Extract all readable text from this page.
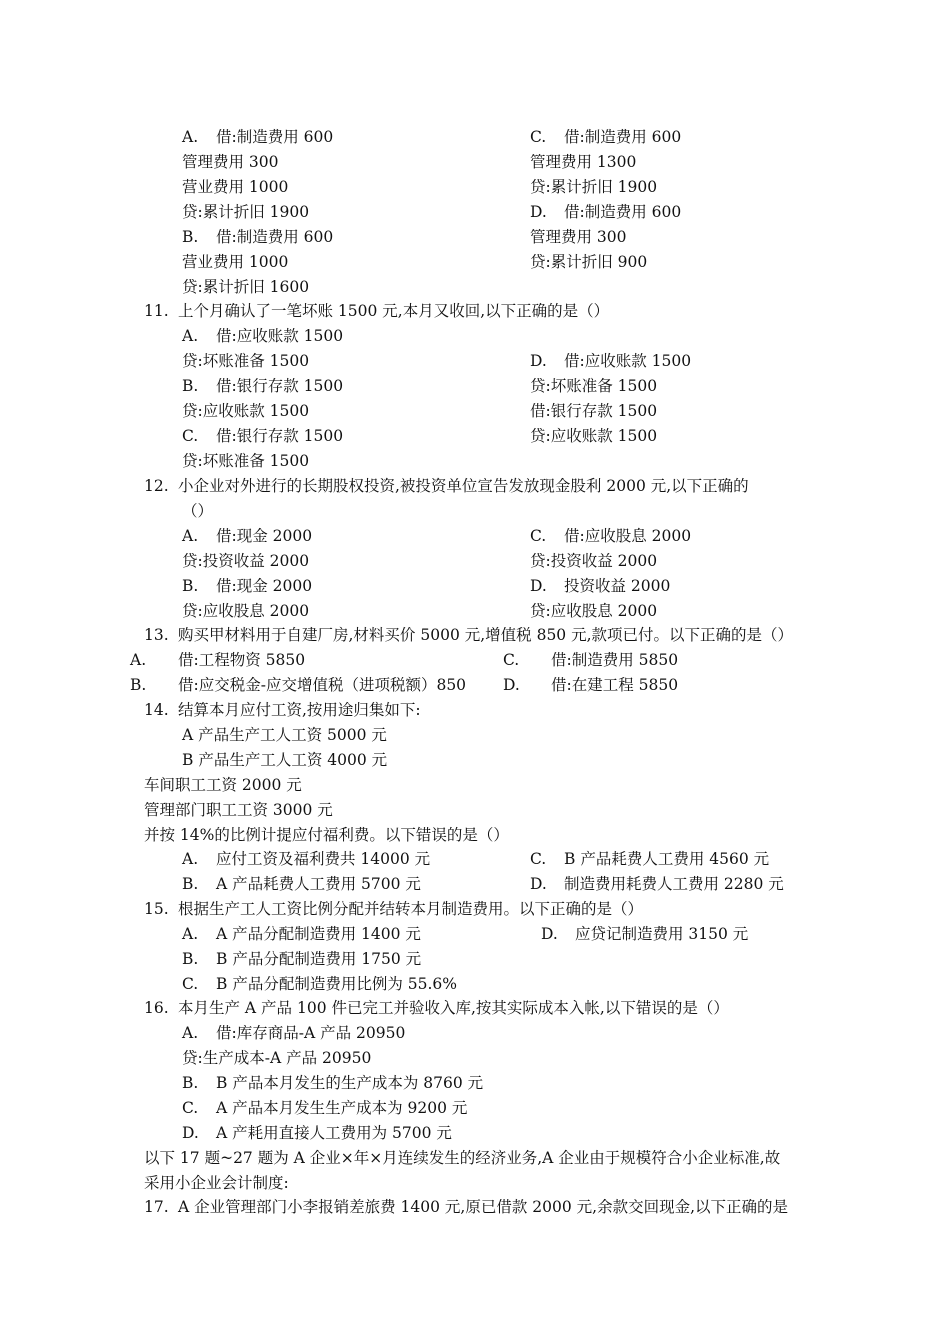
A. 借:制造费用 600
管理费用 300
营业费用 1000
贷:累计折旧 1900
B. 借:制造费用 600
营业费用 1000
贷:累计折旧 1600
C. 借:制造费用 600
管理费用 1300
贷:累计折旧 1900
D. 借:制造费用 600
管理费用 300
贷:累计折旧 900
11. 上个月确认了一笔坏账 1500 元,本月又收回,以下正确的是（）
A. 借:应收账款 1500
贷:坏账准备 1500
B. 借:银行存款 1500
贷:应收账款 1500
C. 借:银行存款 1500
贷:坏账准备 1500
D. 借:应收账款 1500
贷:坏账准备 1500
借:银行存款 1500
贷:应收账款 1500
12. 小企业对外进行的长期股权投资,被投资单位宣告发放现金股利 2000 元,以下正确的
（）
A. 借:现金 2000
贷:投资收益 2000
B. 借:现金 2000
贷:应收股息 2000
C. 借:应收股息 2000
贷:投资收益 2000
D. 投资收益 2000
贷:应收股息 2000
13. 购买甲材料用于自建厂房,材料买价 5000 元,增值税 850 元,款项已付。以下正确的是（）
A. 借:工程物资 5850
B. 借:应交税金-应交增值税（进项税额）850
C. 借:制造费用 5850
D. 借:在建工程 5850
14. 结算本月应付工资,按用途归集如下:
A 产品生产工人工资 5000 元
B 产品生产工人工资 4000 元
车间职工工资 2000 元
管理部门职工工资 3000 元
并按 14%的比例计提应付福利费。以下错误的是（）
A. 应付工资及福利费共 14000 元
B. A 产品耗费人工费用 5700 元
C. B 产品耗费人工费用 4560 元
D. 制造费用耗费人工费用 2280 元
15. 根据生产工人工资比例分配并结转本月制造费用。以下正确的是（）
A. A 产品分配制造费用 1400 元
B. B 产品分配制造费用 1750 元
C. B 产品分配制造费用比例为 55.6%
D. 应贷记制造费用 3150 元
16. 本月生产 A 产品 100 件已完工并验收入库,按其实际成本入帐,以下错误的是（）
A. 借:库存商品-A 产品 20950
贷:生产成本-A 产品 20950
B. B 产品本月发生的生产成本为 8760 元
C. A 产品本月发生生产成本为 9200 元
D. A 产耗用直接人工费用为 5700 元
以下 17 题~27 题为 A 企业×年×月连续发生的经济业务,A 企业由于规模符合小企业标准,故
采用小企业会计制度:
17. A 企业管理部门小李报销差旅费 1400 元,原已借款 2000 元,余款交回现金,以下正确的是
